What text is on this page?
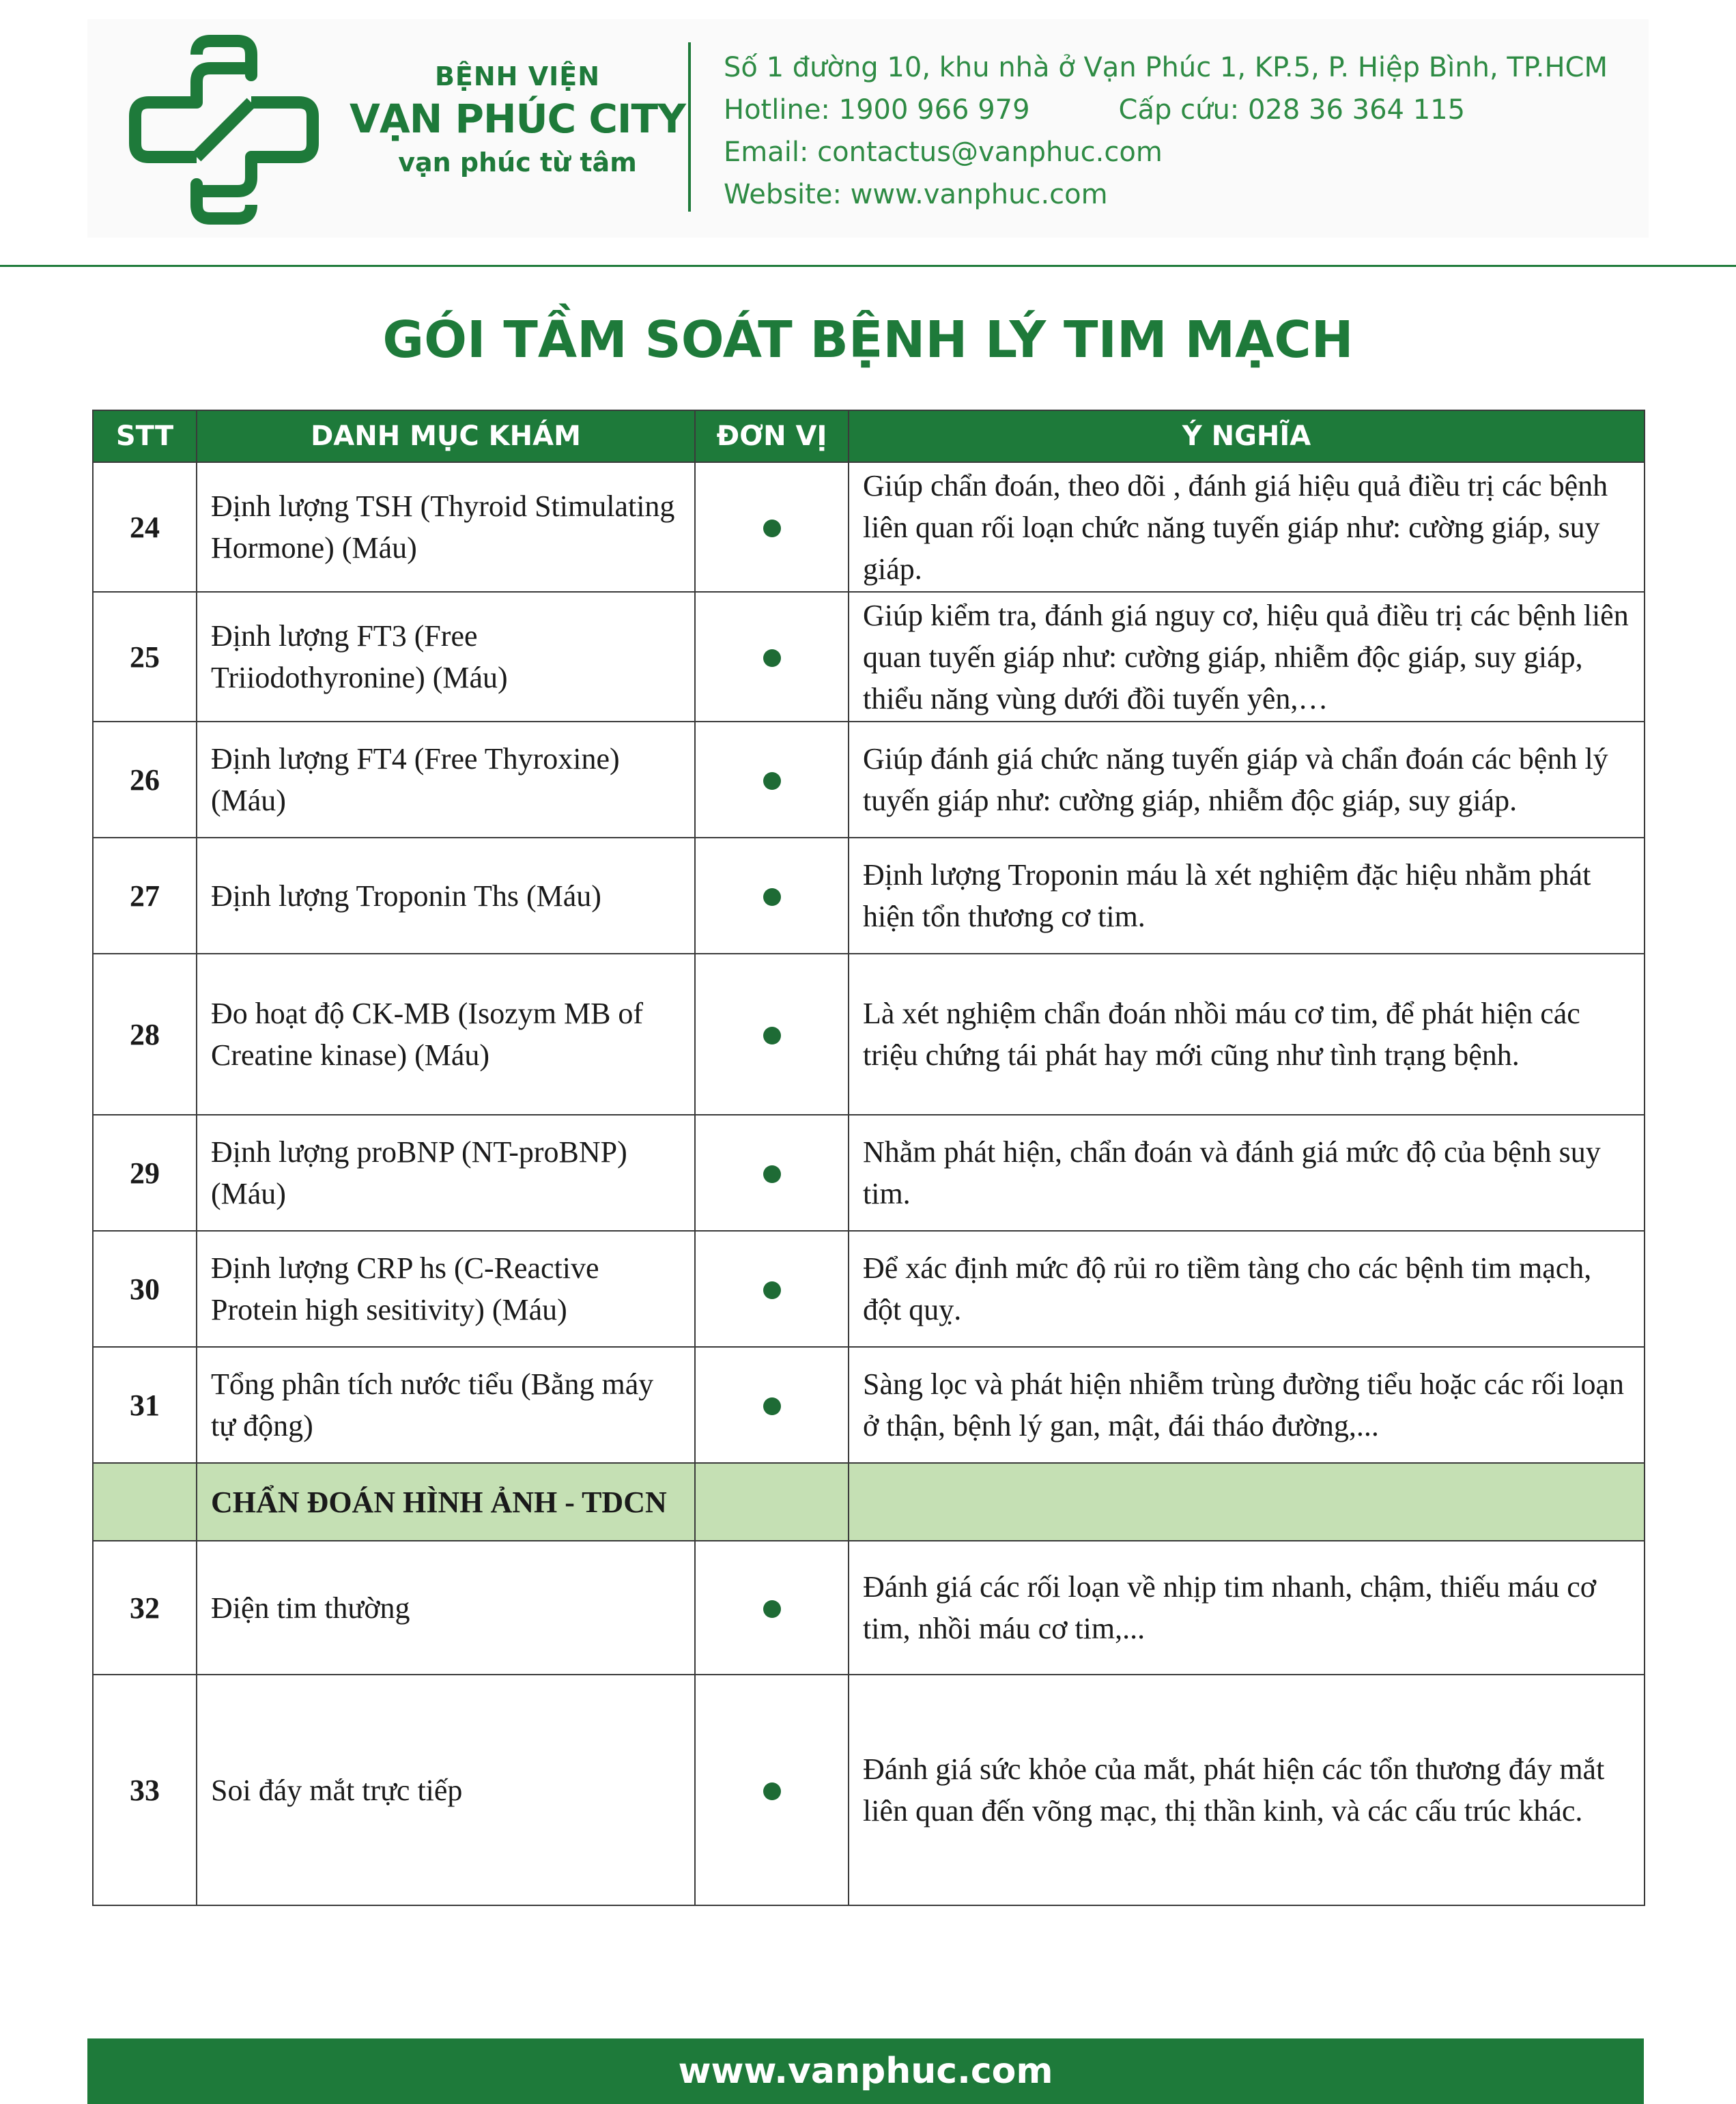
BỆNH VIỆN
VẠN PHÚC CITY
vạn phúc từ tâm
Số 1 đường 10, khu nhà ở Vạn Phúc 1, KP.5, P. Hiệp Bình, TP.HCM
Hotline: 1900 966 979	Cấp cứu: 028 36 364 115
Email: contactus@vanphuc.com
Website: www.vanphuc.com
GÓI TẦM SOÁT BỆNH LÝ TIM MẠCH
STT	DANH MỤC KHÁM	ĐƠN VỊ	Ý NGHĨA
24	Định lượng TSH (Thyroid Stimulating Hormone) (Máu)		Giúp chẩn đoán, theo dõi , đánh giá hiệu quả điều trị các bệnh liên quan rối loạn chức năng tuyến giáp như: cường giáp, suy giáp.
25	Định lượng FT3 (Free Triiodothyronine) (Máu)		Giúp kiểm tra, đánh giá nguy cơ, hiệu quả điều trị các bệnh liên quan tuyến giáp như: cường giáp, nhiễm độc giáp, suy giáp, thiểu năng vùng dưới đồi tuyến yên,…
26	Định lượng FT4 (Free Thyroxine) (Máu)		Giúp đánh giá chức năng tuyến giáp và chẩn đoán các bệnh lý tuyến giáp như: cường giáp, nhiễm độc giáp, suy giáp.
27	Định lượng Troponin Ths (Máu)		Định lượng Troponin máu là xét nghiệm đặc hiệu nhằm phát hiện tổn thương cơ tim.
28	Đo hoạt độ CK-MB (Isozym MB of Creatine kinase) (Máu)		Là xét nghiệm chẩn đoán nhồi máu cơ tim, để phát hiện các triệu chứng tái phát hay mới cũng như tình trạng bệnh.
29	Định lượng proBNP (NT-proBNP) (Máu)		Nhằm phát hiện, chẩn đoán và đánh giá mức độ của bệnh suy tim.
30	Định lượng CRP hs (C-Reactive Protein high sesitivity) (Máu)		Để xác định mức độ rủi ro tiềm tàng cho các bệnh tim mạch, đột quỵ.
31	Tổng phân tích nước tiểu (Bằng máy tự động)		Sàng lọc và phát hiện nhiễm trùng đường tiểu hoặc các rối loạn ở thận, bệnh lý gan, mật, đái tháo đường,...
	CHẨN ĐOÁN HÌNH ẢNH - TDCN		
32	Điện tim thường		Đánh giá các rối loạn về nhịp tim nhanh, chậm, thiếu máu cơ tim, nhồi máu cơ tim,...
33	Soi đáy mắt trực tiếp		Đánh giá sức khỏe của mắt, phát hiện các tổn thương đáy mắt liên quan đến võng mạc, thị thần kinh, và các cấu trúc khác.
www.vanphuc.com
